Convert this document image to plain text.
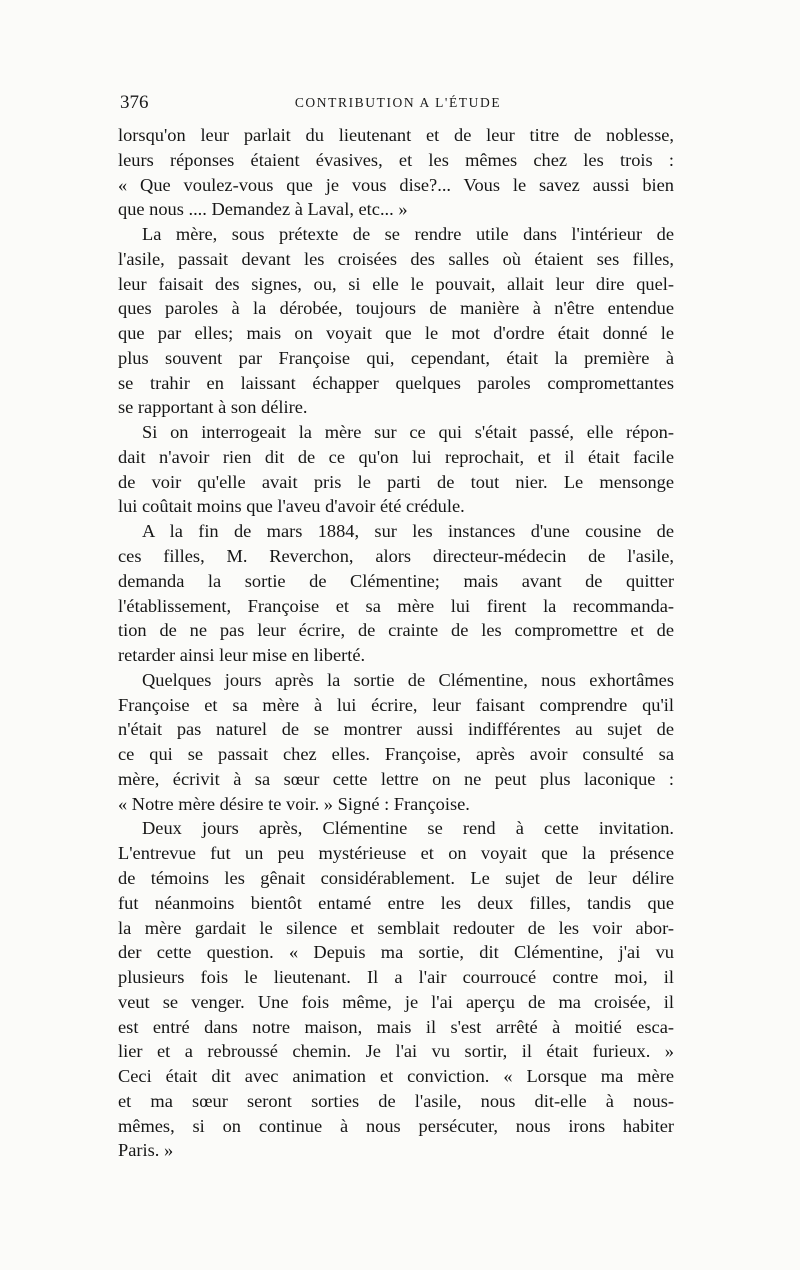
376	CONTRIBUTION A L'ÉTUDE
lorsqu'on leur parlait du lieutenant et de leur titre de noblesse,
leurs réponses étaient évasives, et les mêmes chez les trois :
« Que voulez-vous que je vous dise?... Vous le savez aussi bien
que nous .... Demandez à Laval, etc... »
La mère, sous prétexte de se rendre utile dans l'intérieur de
l'asile, passait devant les croisées des salles où étaient ses filles,
leur faisait des signes, ou, si elle le pouvait, allait leur dire quel-
ques paroles à la dérobée, toujours de manière à n'être entendue
que par elles; mais on voyait que le mot d'ordre était donné le
plus souvent par Françoise qui, cependant, était la première à
se trahir en laissant échapper quelques paroles compromettantes
se rapportant à son délire.
Si on interrogeait la mère sur ce qui s'était passé, elle répon-
dait n'avoir rien dit de ce qu'on lui reprochait, et il était facile
de voir qu'elle avait pris le parti de tout nier. Le mensonge
lui coûtait moins que l'aveu d'avoir été crédule.
A la fin de mars 1884, sur les instances d'une cousine de
ces filles, M. Reverchon, alors directeur-médecin de l'asile,
demanda la sortie de Clémentine; mais avant de quitter
l'établissement, Françoise et sa mère lui firent la recommanda-
tion de ne pas leur écrire, de crainte de les compromettre et de
retarder ainsi leur mise en liberté.
Quelques jours après la sortie de Clémentine, nous exhortâmes
Françoise et sa mère à lui écrire, leur faisant comprendre qu'il
n'était pas naturel de se montrer aussi indifférentes au sujet de
ce qui se passait chez elles. Françoise, après avoir consulté sa
mère, écrivit à sa sœur cette lettre on ne peut plus laconique :
« Notre mère désire te voir. » Signé : Françoise.
Deux jours après, Clémentine se rend à cette invitation.
L'entrevue fut un peu mystérieuse et on voyait que la présence
de témoins les gênait considérablement. Le sujet de leur délire
fut néanmoins bientôt entamé entre les deux filles, tandis que
la mère gardait le silence et semblait redouter de les voir abor-
der cette question. « Depuis ma sortie, dit Clémentine, j'ai vu
plusieurs fois le lieutenant. Il a l'air courroucé contre moi, il
veut se venger. Une fois même, je l'ai aperçu de ma croisée, il
est entré dans notre maison, mais il s'est arrêté à moitié esca-
lier et a rebroussé chemin. Je l'ai vu sortir, il était furieux. »
Ceci était dit avec animation et conviction. « Lorsque ma mère
et ma sœur seront sorties de l'asile, nous dit-elle à nous-
mêmes, si on continue à nous persécuter, nous irons habiter
Paris. »
